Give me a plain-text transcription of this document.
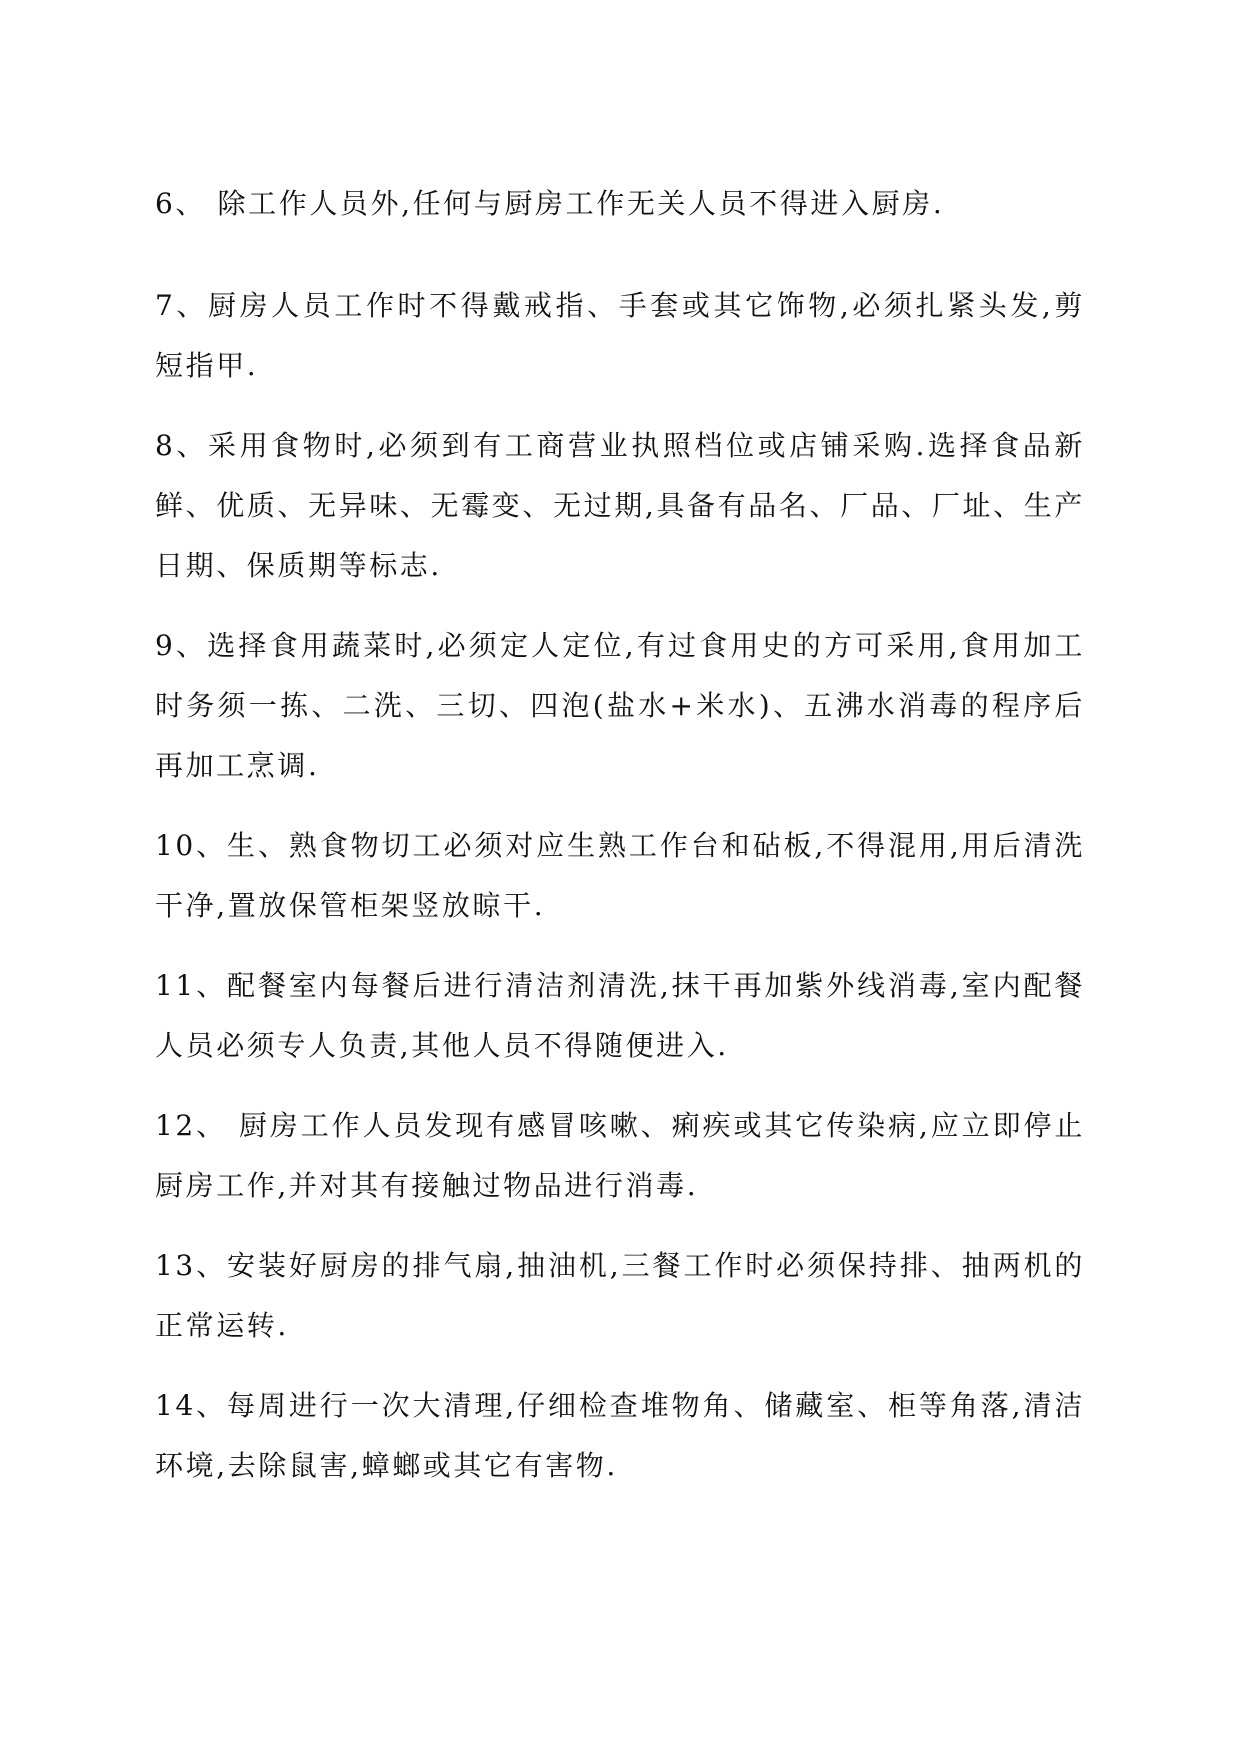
6、 除工作人员外,任何与厨房工作无关人员不得进入厨房.

7、厨房人员工作时不得戴戒指、手套或其它饰物,必须扎紧头发,剪短指甲.

8、采用食物时,必须到有工商营业执照档位或店铺采购.选择食品新鲜、优质、无异味、无霉变、无过期,具备有品名、厂品、厂址、生产日期、保质期等标志.

9、选择食用蔬菜时,必须定人定位,有过食用史的方可采用,食用加工时务须一拣、二洗、三切、四泡(盐水+米水)、五沸水消毒的程序后再加工烹调.

10、生、熟食物切工必须对应生熟工作台和砧板,不得混用,用后清洗干净,置放保管柜架竖放晾干.

11、配餐室内每餐后进行清洁剂清洗,抹干再加紫外线消毒,室内配餐人员必须专人负责,其他人员不得随便进入.

12、 厨房工作人员发现有感冒咳嗽、痢疾或其它传染病,应立即停止厨房工作,并对其有接触过物品进行消毒.

13、安装好厨房的排气扇,抽油机,三餐工作时必须保持排、抽两机的正常运转.

14、每周进行一次大清理,仔细检查堆物角、储藏室、柜等角落,清洁环境,去除鼠害,蟑螂或其它有害物.
